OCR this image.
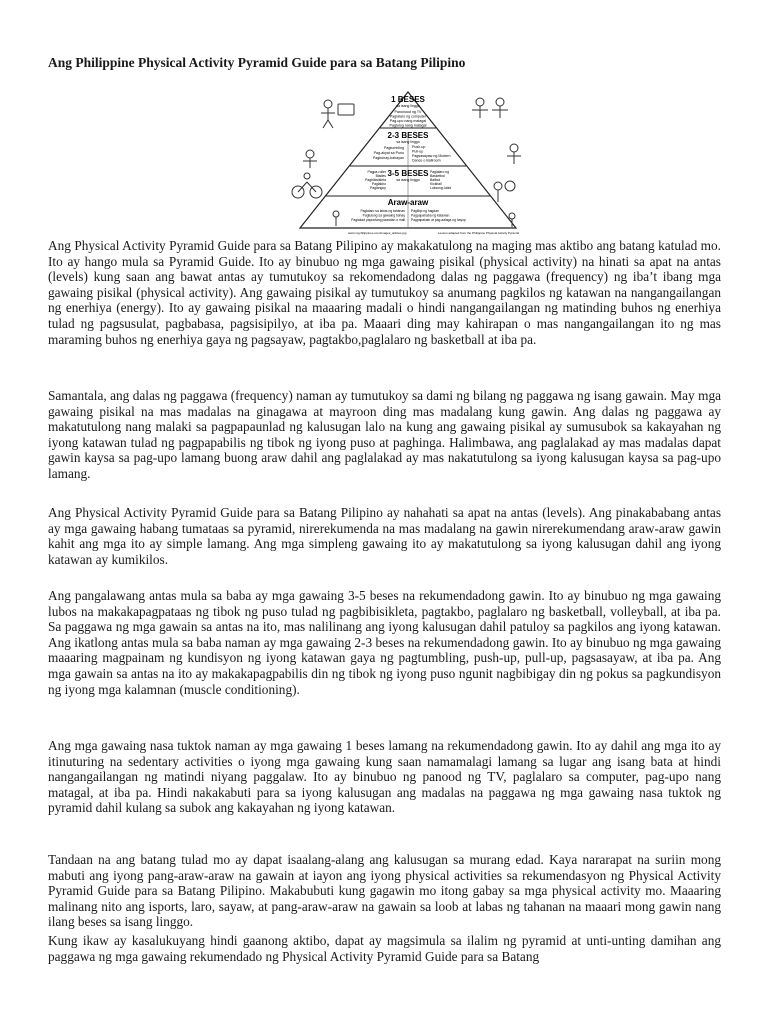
Ang Philippine Physical Activity Pyramid Guide para sa Batang Pilipino
1 BESES
sa isang linggo
Panonood ng TV
Paglalaro ng computer
Pag-upo nang matagal
Pagtulog nang matagal
2-3 BESES
sa isang linggo
Pagtumbling
Pag-akyat sa Puno
Pagbuhay-bahayan
Push-up
Pull-up
Pagsasayaw ng Modern
Dance o Ballroom
3-5 BESES
sa isang linggo
Pagpa-roller
Blades
Pagbibisikleta
Paglakbo
Paglangoy
Paglalaro ng
Basketbol
Balibol
Kickball
Luksong-lubid
Araw-araw
Paglalaro sa labas ng tahanan
Pagtulong sa gawaing bahay
Paglakad papuntang paaralan o mall
Paglilipi ng hagdan
Pagpapahaba ng katawan
Pagpapakain at pag-aalaga ng hayop
www.myphilippines.com/images_articles.jpg	Lesson adapted from the Philippine Physical Activity Pyramid

Ang Physical Activity Pyramid Guide para sa Batang Pilipino ay makakatulong na maging mas aktibo ang batang katulad mo. Ito ay hango mula sa Pyramid Guide. Ito ay binubuo ng mga gawaing pisikal (physical activity) na hinati sa apat na antas (levels) kung saan ang bawat antas ay tumutukoy sa rekomendadong dalas ng paggawa (frequency) ng iba’t ibang mga gawaing pisikal (physical activity). Ang gawaing pisikal ay tumutukoy sa anumang pagkilos ng katawan na nangangailangan ng enerhiya (energy). Ito ay gawaing pisikal na maaaring madali o hindi nangangailangan ng matinding buhos ng enerhiya tulad ng pagsusulat, pagbabasa, pagsisipilyo, at iba pa. Maaari ding may kahirapan o mas nangangailangan ito ng mas maraming buhos ng enerhiya gaya ng pagsayaw, pagtakbo,paglalaro ng basketball at iba pa.

Samantala, ang dalas ng paggawa (frequency) naman ay tumutukoy sa dami ng bilang ng paggawa ng isang gawain. May mga gawaing pisikal na mas madalas na ginagawa at mayroon ding mas madalang kung gawin. Ang dalas ng paggawa ay makatutulong nang malaki sa pagpapaunlad ng kalusugan lalo na kung ang gawaing pisikal ay sumusubok sa kakayahan ng iyong katawan tulad ng pagpapabilis ng tibok ng iyong puso at paghinga. Halimbawa, ang paglalakad ay mas madalas dapat gawin kaysa sa pag-upo lamang buong araw dahil ang paglalakad ay mas nakatutulong sa iyong kalusugan kaysa sa pag-upo lamang.

Ang Physical Activity Pyramid Guide para sa Batang Pilipino ay nahahati sa apat na antas (levels). Ang pinakababang antas ay mga gawaing habang tumataas sa pyramid, nirerekumenda na mas madalang na gawin nirerekumendang araw-araw gawin kahit ang mga ito ay simple lamang. Ang mga simpleng gawaing ito ay makatutulong sa iyong kalusugan dahil ang iyong katawan ay kumikilos.

Ang pangalawang antas mula sa baba ay mga gawaing 3-5 beses na rekumendadong gawin. Ito ay binubuo ng mga gawaing lubos na makakapagpataas ng tibok ng puso tulad ng pagbibisikleta, pagtakbo, paglalaro ng basketball, volleyball, at iba pa. Sa paggawa ng mga gawain sa antas na ito, mas nalilinang ang iyong kalusugan dahil patuloy sa pagkilos ang iyong katawan. Ang ikatlong antas mula sa baba naman ay mga gawaing 2-3 beses na rekumendadong gawin. Ito ay binubuo ng mga gawaing maaaring magpainam ng kundisyon ng iyong katawan gaya ng pagtumbling, push-up, pull-up, pagsasayaw, at iba pa. Ang mga gawain sa antas na ito ay makakapagpabilis din ng tibok ng iyong puso ngunit nagbibigay din ng pokus sa pagkundisyon ng iyong mga kalamnan (muscle conditioning).

Ang mga gawaing nasa tuktok naman ay mga gawaing 1 beses lamang na rekumendadong gawin. Ito ay dahil ang mga ito ay itinuturing na sedentary activities o iyong mga gawaing kung saan namamalagi lamang sa lugar ang isang bata at hindi nangangailangan ng matindi niyang paggalaw. Ito ay binubuo ng panood ng TV, paglalaro sa computer, pag-upo nang matagal, at iba pa. Hindi nakakabuti para sa iyong kalusugan ang madalas na paggawa ng mga gawaing nasa tuktok ng pyramid dahil kulang sa subok ang kakayahan ng iyong katawan.

Tandaan na ang batang tulad mo ay dapat isaalang-alang ang kalusugan sa murang edad. Kaya nararapat na suriin mong mabuti ang iyong pang-araw-araw na gawain at iayon ang iyong physical activities sa rekumendasyon ng Physical Activity Pyramid Guide para sa Batang Pilipino. Makabubuti kung gagawin mo itong gabay sa mga physical activity mo. Maaaring malinang nito ang isports, laro, sayaw, at pang-araw-araw na gawain sa loob at labas ng tahanan na maaari mong gawin nang ilang beses sa isang linggo.

Kung ikaw ay kasalukuyang hindi gaanong aktibo, dapat ay magsimula sa ilalim ng pyramid at unti-unting damihan ang paggawa ng mga gawaing rekumendado ng Physical Activity Pyramid Guide para sa Batang
